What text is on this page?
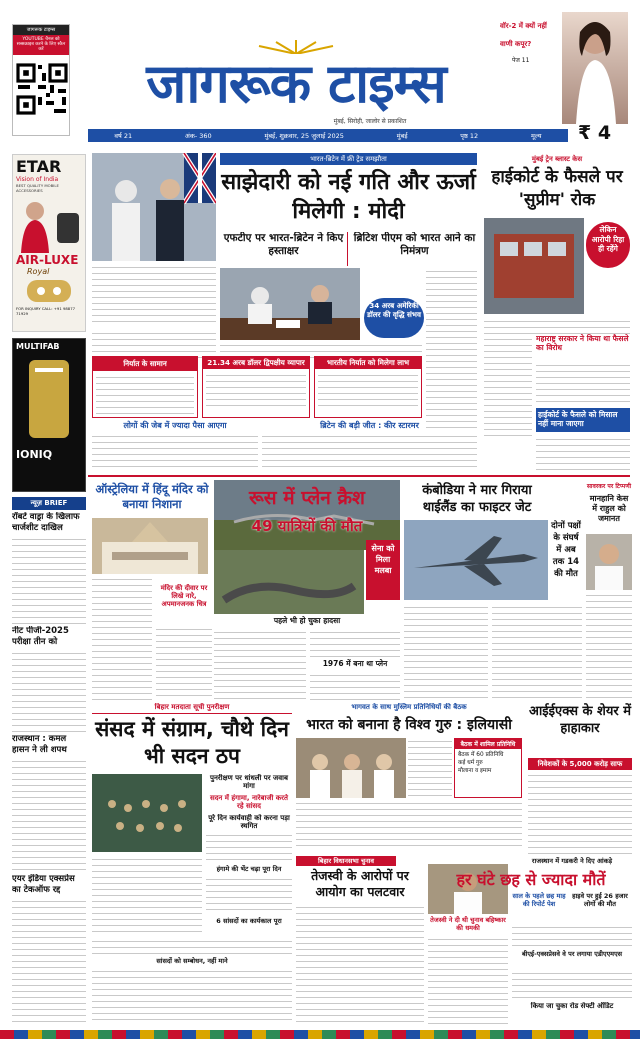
जागरूक टाइम्स
YOUTUBE चैनल को सब्सक्राइब करने के लिए स्कैन करें
जागरूक टाइम्स
मुंबई, सिरोही, जालोर से प्रकाशित
वॉर-2 में क्यों नहीं
वाणी कपूर?
पेज 11
वर्ष 21	अंक- 360	मुंबई, शुक्रवार, 25 जुलाई 2025	मुंबई	पृष्ठ 12	मूल्य ₹ 4
ETAR
Vision of India
BEST QUALITY MOBILE ACCESSORIES
AIR-LUXE
Royal
FOR INQUIRY CALL: +91 98877 71929
MULTIFAB
IONIQ
भारत-ब्रिटेन में फ्री ट्रेड समझौता
साझेदारी को नई गति और ऊर्जा मिलेगी : मोदी
एफटीए पर भारत-ब्रिटेन ने किए हस्ताक्षर
ब्रिटिश पीएम को भारत आने का निमंत्रण
34 अरब अमेरिकी डॉलर की वृद्धि संभव
निर्यात के सामान	21.34 अरब डॉलर द्विपक्षीय व्यापार	भारतीय निर्यात को मिलेगा लाभ
लोगों की जेब में ज्यादा पैसा आएगा	ब्रिटेन की बड़ी जीत : कीर स्टारमर
मुंबई ट्रेन ब्लास्ट केस
हाईकोर्ट के फैसले पर 'सुप्रीम' रोक
लेकिन आरोपी रिहा ही रहेंगे
महाराष्ट्र सरकार ने किया था फैसले का विरोध
हाईकोर्ट के फैसले को मिसाल नहीं माना जाएगा
न्यूज़ BRIEF
रॉबर्ट वाड्रा के खिलाफ चार्जशीट दाखिल
नीट पीजी-2025 परीक्षा तीन को
राजस्थान : कमल हासन ने ली शपथ
एयर इंडिया एक्सप्रेस का टेकऑफ रद्द
ऑस्ट्रेलिया में हिंदू मंदिर को बनाया निशाना
मंदिर की दीवार पर लिखे नारे, अपमानजनक चित्र
रूस में प्लेन क्रैश
49 यात्रियों की मौत
सेना को मिला मलबा
पहले भी हो चुका हादसा
1976 में बना था प्लेन
कंबोडिया ने मार गिराया थाईलैंड का फाइटर जेट
दोनों पक्षों के संघर्ष में अब तक 14 की मौत
सावरकर पर टिप्पणी
मानहानि केस में राहुल को जमानत
बिहार मतदाता सूची पुनरीक्षण
संसद में संग्राम, चौथे दिन भी सदन ठप
पुनरीक्षण पर धांधली पर जवाब मांगा
सदन में हंगामा, नारेबाजी करते रहे सांसद
पूरे दिन कार्यवाही को करना पड़ा स्थगित
हंगामे की भेंट चढ़ा पूरा दिन
6 सांसदों का कार्यकाल पूरा
सांसदों को सम्बोधन, नहीं माने
भागवत के साथ मुस्लिम प्रतिनिधियों की बैठक
भारत को बनाना है विश्व गुरु : इलियासी
बैठक में शामिल प्रतिनिधि
बैठक में 60 प्रतिनिधि
कई धर्म गुरु
मौलाना व इमाम
बिहार विधानसभा चुनाव
तेजस्वी के आरोपों पर आयोग का पलटवार
तेजस्वी ने दी थी चुनाव बहिष्कार की धमकी
आईईएक्स के शेयर में हाहाकार
निवेशकों के 5,000 करोड़ साफ
राजस्थान में गडकरी ने दिए आंकड़े
हर घंटे छह से ज्यादा मौतें
साल के पहले छह माह की रिपोर्ट पेश
हाइवे पर हुई 26 हजार लोगों की मौत
बीएई-एक्सप्रेसवे वे पर लगाया एडीएएमएस
किया जा चुका रोड सेफ्टी ऑडिट
